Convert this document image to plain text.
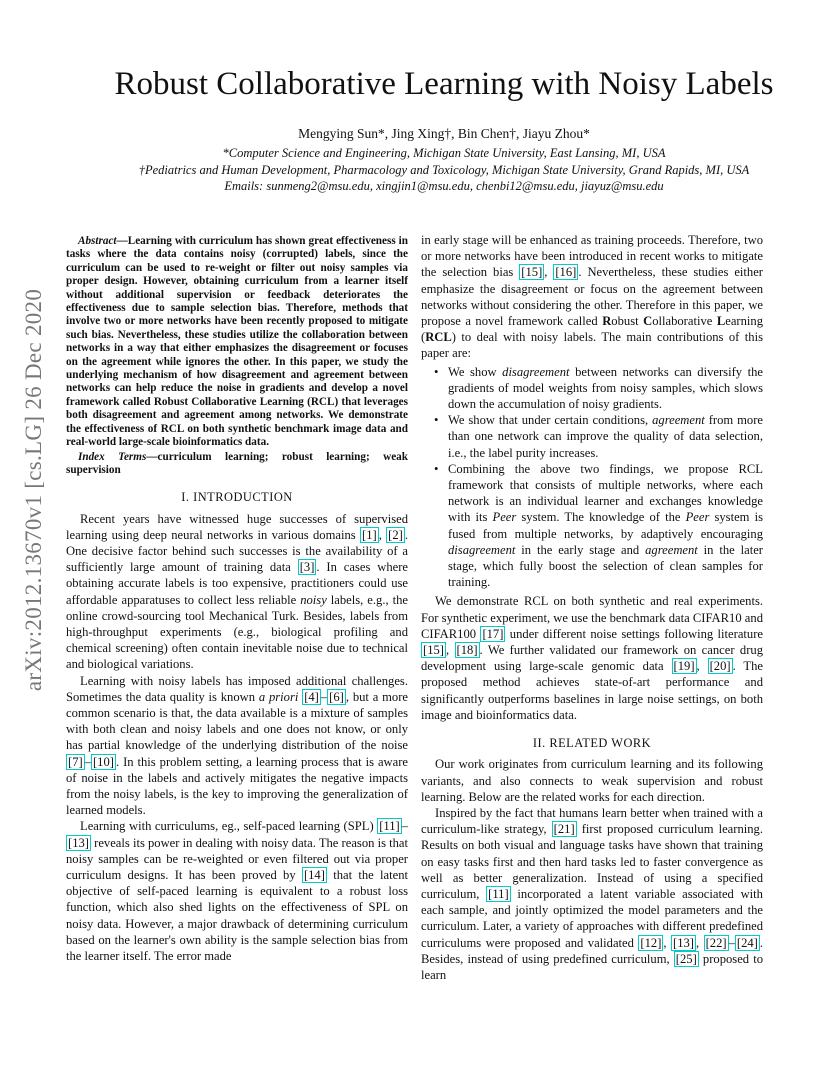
arXiv:2012.13670v1 [cs.LG] 26 Dec 2020
Robust Collaborative Learning with Noisy Labels
Mengying Sun*, Jing Xing†, Bin Chen†, Jiayu Zhou*
*Computer Science and Engineering, Michigan State University, East Lansing, MI, USA
†Pediatrics and Human Development, Pharmacology and Toxicology, Michigan State University, Grand Rapids, MI, USA
Emails: sunmeng2@msu.edu, xingjin1@msu.edu, chenbi12@msu.edu, jiayuz@msu.edu

Abstract—Learning with curriculum has shown great effectiveness in tasks where the data contains noisy (corrupted) labels, since the curriculum can be used to re-weight or filter out noisy samples via proper design. However, obtaining curriculum from a learner itself without additional supervision or feedback deteriorates the effectiveness due to sample selection bias. Therefore, methods that involve two or more networks have been recently proposed to mitigate such bias. Nevertheless, these studies utilize the collaboration between networks in a way that either emphasizes the disagreement or focuses on the agreement while ignores the other. In this paper, we study the underlying mechanism of how disagreement and agreement between networks can help reduce the noise in gradients and develop a novel framework called Robust Collaborative Learning (RCL) that leverages both disagreement and agreement among networks. We demonstrate the effectiveness of RCL on both synthetic benchmark image data and real-world large-scale bioinformatics data.

Index Terms—curriculum learning; robust learning; weak supervision

I. INTRODUCTION

Recent years have witnessed huge successes of supervised learning using deep neural networks in various domains [1] , [2] . One decisive factor behind such successes is the availability of a sufficiently large amount of training data [3] . In cases where obtaining accurate labels is too expensive, practitioners could use affordable apparatuses to collect less reliable noisy labels, e.g., the online crowd-sourcing tool Mechanical Turk. Besides, labels from high-throughput experiments (e.g., biological profiling and chemical screening) often contain inevitable noise due to technical and biological variations.

Learning with noisy labels has imposed additional challenges. Sometimes the data quality is known a priori [4] – [6] , but a more common scenario is that, the data available is a mixture of samples with both clean and noisy labels and one does not know, or only has partial knowledge of the underlying distribution of the noise [7] – [10] . In this problem setting, a learning process that is aware of noise in the labels and actively mitigates the negative impacts from the noisy labels, is the key to improving the generalization of learned models.

Learning with curriculums, eg., self-paced learning (SPL) [11] –[13] reveals its power in dealing with noisy data. The reason is that noisy samples can be re-weighted or even filtered out via proper curriculum designs. It has been proved by [14] that the latent objective of self-paced learning is equivalent to a robust loss function, which also shed lights on the effectiveness of SPL on noisy data. However, a major drawback of determining curriculum based on the learner's own ability is the sample selection bias from the learner itself. The error made

in early stage will be enhanced as training proceeds. Therefore, two or more networks have been introduced in recent works to mitigate the selection bias [15] , [16] . Nevertheless, these studies either emphasize the disagreement or focus on the agreement between networks without considering the other. Therefore in this paper, we propose a novel framework called Robust Collaborative Learning (RCL) to deal with noisy labels. The main contributions of this paper are:

• We show disagreement between networks can diversify the gradients of model weights from noisy samples, which slows down the accumulation of noisy gradients.
• We show that under certain conditions, agreement from more than one network can improve the quality of data selection, i.e., the label purity increases.
• Combining the above two findings, we propose RCL framework that consists of multiple networks, where each network is an individual learner and exchanges knowledge with its Peer system. The knowledge of the Peer system is fused from multiple networks, by adaptively encouraging disagreement in the early stage and agreement in the later stage, which fully boost the selection of clean samples for training.

We demonstrate RCL on both synthetic and real experiments. For synthetic experiment, we use the benchmark data CIFAR10 and CIFAR100 [17] under different noise settings following literature [15] , [18] . We further validated our framework on cancer drug development using large-scale genomic data [19] , [20] . The proposed method achieves state-of-art performance and significantly outperforms baselines in large noise settings, on both image and bioinformatics data.

II. RELATED WORK

Our work originates from curriculum learning and its following variants, and also connects to weak supervision and robust learning. Below are the related works for each direction.

Inspired by the fact that humans learn better when trained with a curriculum-like strategy, [21] first proposed curriculum learning. Results on both visual and language tasks have shown that training on easy tasks first and then hard tasks led to faster convergence as well as better generalization. Instead of using a specified curriculum, [11] incorporated a latent variable associated with each sample, and jointly optimized the model parameters and the curriculum. Later, a variety of approaches with different predefined curriculums were proposed and validated [12] , [13] , [22] – [24] . Besides, instead of using predefined curriculum, [25] proposed to learn
